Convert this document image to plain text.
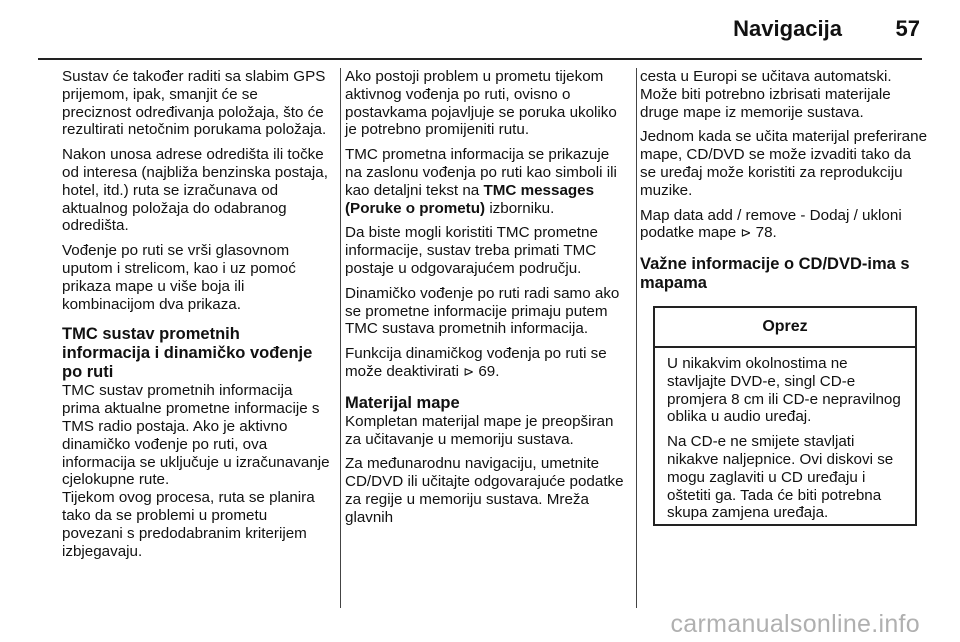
Navigacija 57

Sustav će također raditi sa slabim GPS prijemom, ipak, smanjit će se preciznost određivanja položaja, što će rezultirati netočnim porukama položaja.

Nakon unosa adrese odredišta ili točke od interesa (najbliža benzinska postaja, hotel, itd.) ruta se izračunava od aktualnog položaja do odabranog odredišta.

Vođenje po ruti se vrši glasovnom uputom i strelicom, kao i uz pomoć prikaza mape u više boja ili kombinacijom dva prikaza.

TMC sustav prometnih informacija i dinamičko vođenje po ruti

TMC sustav prometnih informacija prima aktualne prometne informacije s TMS radio postaja. Ako je aktivno dinamičko vođenje po ruti, ova informacija se uključuje u izračunavanje cjelokupne rute.
Tijekom ovog procesa, ruta se planira tako da se problemi u prometu povezani s predodabranim kriterijem izbjegavaju.

Ako postoji problem u prometu tijekom aktivnog vođenja po ruti, ovisno o postavkama pojavljuje se poruka ukoliko je potrebno promijeniti rutu.

TMC prometna informacija se prikazuje na zaslonu vođenja po ruti kao simboli ili kao detaljni tekst na TMC messages (Poruke o prometu) izborniku.

Da biste mogli koristiti TMC prometne informacije, sustav treba primati TMC postaje u odgovarajućem području.

Dinamičko vođenje po ruti radi samo ako se prometne informacije primaju putem TMC sustava prometnih informacija.

Funkcija dinamičkog vođenja po ruti se može deaktivirati ⊳ 69.

Materijal mape

Kompletan materijal mape je preopširan za učitavanje u memoriju sustava.

Za međunarodnu navigaciju, umetnite CD/DVD ili učitajte odgovarajuće podatke za regije u memoriju sustava. Mreža glavnih

cesta u Europi se učitava automatski. Može biti potrebno izbrisati materijale druge mape iz memorije sustava.

Jednom kada se učita materijal preferirane mape, CD/DVD se može izvaditi tako da se uređaj može koristiti za reprodukciju muzike.

Map data add / remove - Dodaj / ukloni podatke mape ⊳ 78.

Važne informacije o CD/DVD-ima s mapama
Oprez

U nikakvim okolnostima ne stavljajte DVD-e, singl CD-e promjera 8 cm ili CD-e nepravilnog oblika u audio uređaj.

Na CD-e ne smijete stavljati nikakve naljepnice. Ovi diskovi se mogu zaglaviti u CD uređaju i oštetiti ga. Tada će biti potrebna skupa zamjena uređaja.

carmanualsonline.info
